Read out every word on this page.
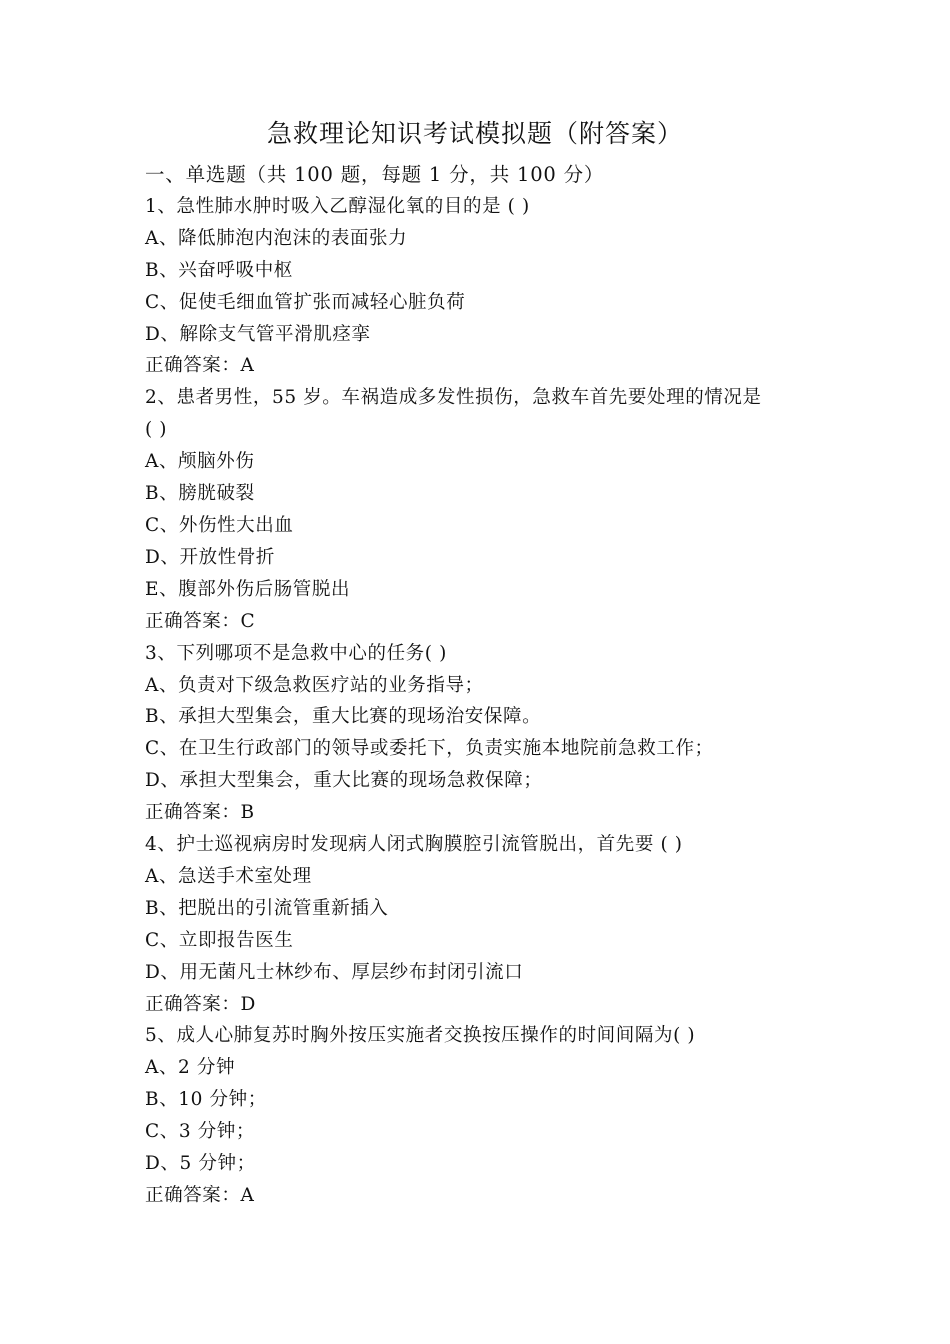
急救理论知识考试模拟题（附答案）

一、单选题（共 100 题，每题 1 分，共 100 分）

1、急性肺水肿时吸入乙醇湿化氧的目的是 ( )

A、降低肺泡内泡沫的表面张力

B、兴奋呼吸中枢

C、促使毛细血管扩张而减轻心脏负荷

D、解除支气管平滑肌痉挛

正确答案：A

2、患者男性，55 岁。车祸造成多发性损伤，急救车首先要处理的情况是

( )

A、颅脑外伤

B、膀胱破裂

C、外伤性大出血

D、开放性骨折

E、腹部外伤后肠管脱出

正确答案：C

3、下列哪项不是急救中心的任务( )

A、负责对下级急救医疗站的业务指导；

B、承担大型集会，重大比赛的现场治安保障。

C、在卫生行政部门的领导或委托下，负责实施本地院前急救工作；

D、承担大型集会，重大比赛的现场急救保障；

正确答案：B

4、护士巡视病房时发现病人闭式胸膜腔引流管脱出，首先要 ( )

A、急送手术室处理

B、把脱出的引流管重新插入

C、立即报告医生

D、用无菌凡士林纱布、厚层纱布封闭引流口

正确答案：D

5、成人心肺复苏时胸外按压实施者交换按压操作的时间间隔为( )

A、2 分钟

B、10 分钟；

C、3 分钟；

D、5 分钟；

正确答案：A
